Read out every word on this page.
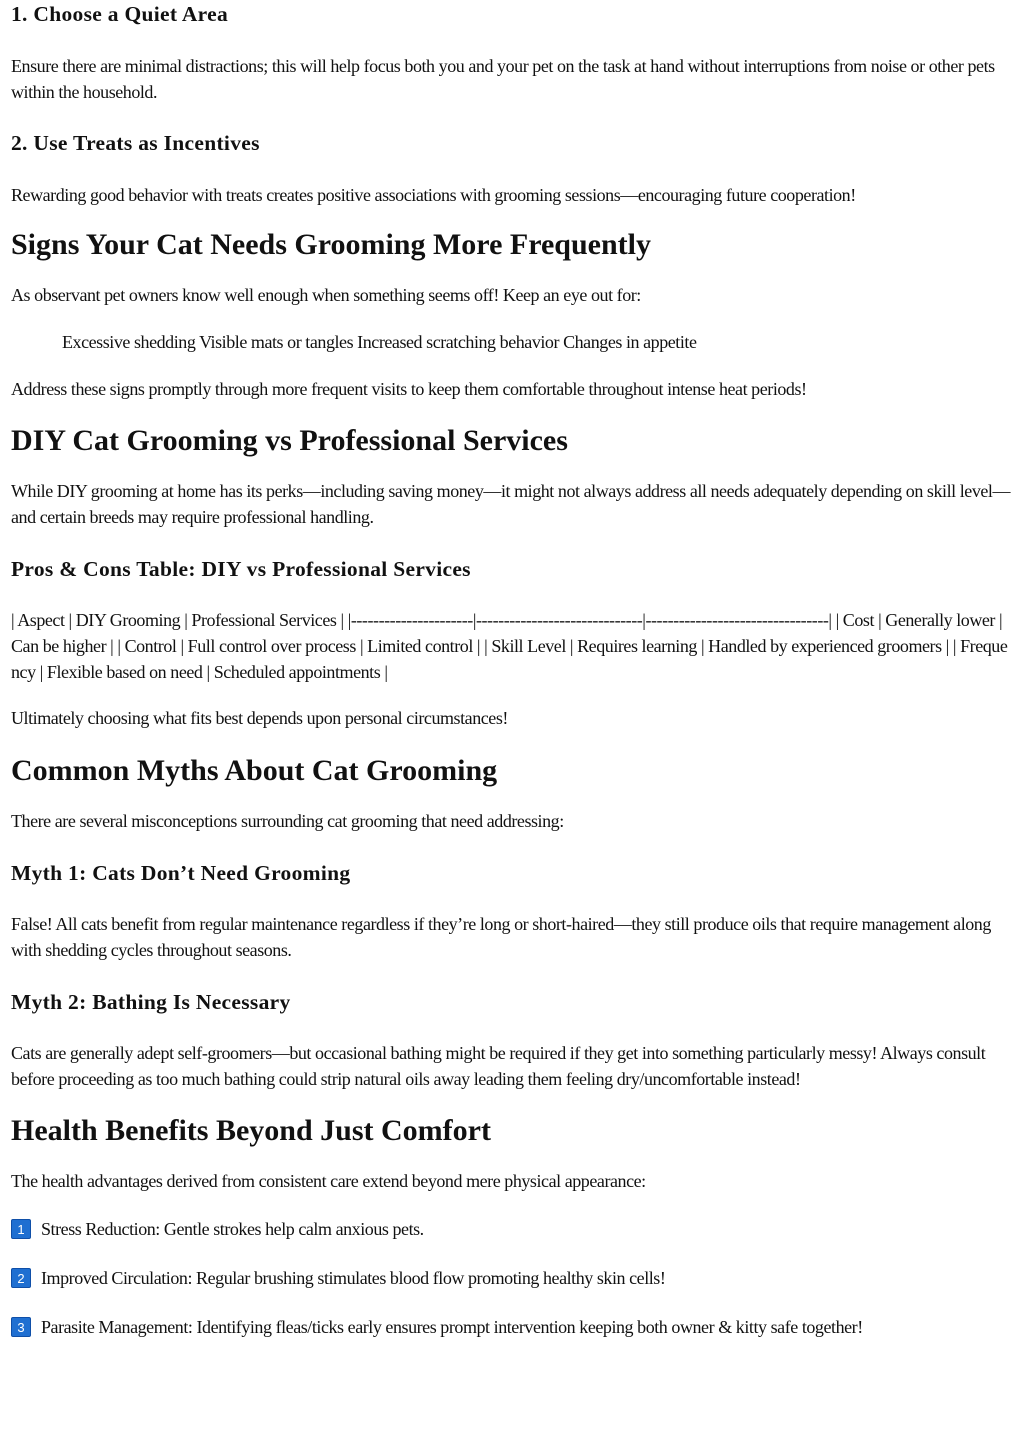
1. Choose a Quiet Area

Ensure there are minimal distractions; this will help focus both you and your pet on the task at hand without interruptions from noise or other pets within the household.

2. Use Treats as Incentives

Rewarding good behavior with treats creates positive associations with grooming sessions—encouraging future cooperation!

Signs Your Cat Needs Grooming More Frequently

As observant pet owners know well enough when something seems off! Keep an eye out for:

Excessive shedding Visible mats or tangles Increased scratching behavior Changes in appetite

Address these signs promptly through more frequent visits to keep them comfortable throughout intense heat periods!

DIY Cat Grooming vs Professional Services

While DIY grooming at home has its perks—including saving money—it might not always address all needs adequately depending on skill level—and certain breeds may require professional handling.

Pros & Cons Table: DIY vs Professional Services

| Aspect | DIY Grooming | Professional Services | |----------------------|------------------------------|---------------------------------| | Cost | Generally lower | Can be higher | | Control | Full control over process | Limited control | | Skill Level | Requires learning | Handled by experienced groomers | | Frequency | Flexible based on need | Scheduled appointments |

Ultimately choosing what fits best depends upon personal circumstances!

Common Myths About Cat Grooming

There are several misconceptions surrounding cat grooming that need addressing:

Myth 1: Cats Don’t Need Grooming

False! All cats benefit from regular maintenance regardless if they’re long or short-haired—they still produce oils that require management along with shedding cycles throughout seasons.

Myth 2: Bathing Is Necessary

Cats are generally adept self-groomers—but occasional bathing might be required if they get into something particularly messy! Always consult before proceeding as too much bathing could strip natural oils away leading them feeling dry/uncomfortable instead!

Health Benefits Beyond Just Comfort

The health advantages derived from consistent care extend beyond mere physical appearance:

1 Stress Reduction: Gentle strokes help calm anxious pets.

2 Improved Circulation: Regular brushing stimulates blood flow promoting healthy skin cells!

3 Parasite Management: Identifying fleas/ticks early ensures prompt intervention keeping both owner & kitty safe together!
